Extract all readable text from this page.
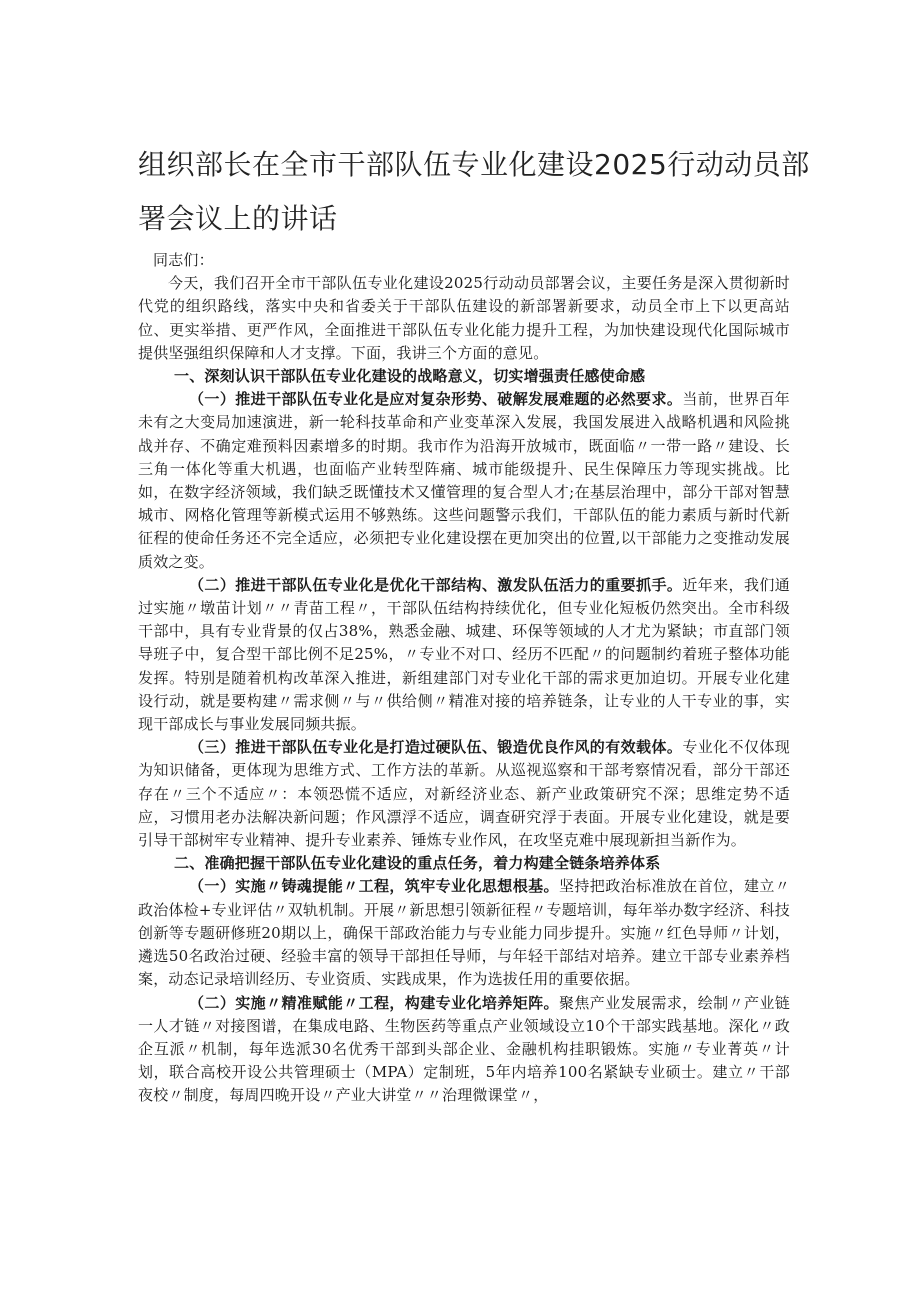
组织部长在全市干部队伍专业化建设2025行动动员部署会议上的讲话

同志们：

今天，我们召开全市干部队伍专业化建设2025行动动员部署会议，主要任务是深入贯彻新时代党的组织路线，落实中央和省委关于干部队伍建设的新部署新要求，动员全市上下以更高站位、更实举措、更严作风，全面推进干部队伍专业化能力提升工程，为加快建设现代化国际城市提供坚强组织保障和人才支撑。下面，我讲三个方面的意见。

一、深刻认识干部队伍专业化建设的战略意义，切实增强责任感使命感

（一）推进干部队伍专业化是应对复杂形势、破解发展难题的必然要求。当前，世界百年未有之大变局加速演进，新一轮科技革命和产业变革深入发展，我国发展进入战略机遇和风险挑战并存、不确定难预料因素增多的时期。我市作为沿海开放城市，既面临〃一带一路〃建设、长三角一体化等重大机遇，也面临产业转型阵痛、城市能级提升、民生保障压力等现实挑战。比如，在数字经济领域，我们缺乏既懂技术又懂管理的复合型人才;在基层治理中，部分干部对智慧城市、网格化管理等新模式运用不够熟练。这些问题警示我们，干部队伍的能力素质与新时代新征程的使命任务还不完全适应，必须把专业化建设摆在更加突出的位置,以干部能力之变推动发展质效之变。

（二）推进干部队伍专业化是优化干部结构、激发队伍活力的重要抓手。近年来，我们通过实施〃墩苗计划〃〃青苗工程〃，干部队伍结构持续优化，但专业化短板仍然突出。全市科级干部中，具有专业背景的仅占38%，熟悉金融、城建、环保等领域的人才尤为紧缺；市直部门领导班子中，复合型干部比例不足25%，〃专业不对口、经历不匹配〃的问题制约着班子整体功能发挥。特别是随着机构改革深入推进，新组建部门对专业化干部的需求更加迫切。开展专业化建设行动，就是要构建〃需求侧〃与〃供给侧〃精准对接的培养链条，让专业的人干专业的事，实现干部成长与事业发展同频共振。

（三）推进干部队伍专业化是打造过硬队伍、锻造优良作风的有效载体。专业化不仅体现为知识储备，更体现为思维方式、工作方法的革新。从巡视巡察和干部考察情况看，部分干部还存在〃三个不适应〃：本领恐慌不适应，对新经济业态、新产业政策研究不深；思维定势不适应，习惯用老办法解决新问题；作风漂浮不适应，调查研究浮于表面。开展专业化建设，就是要引导干部树牢专业精神、提升专业素养、锤炼专业作风，在攻坚克难中展现新担当新作为。

二、准确把握干部队伍专业化建设的重点任务，着力构建全链条培养体系

（一）实施〃铸魂提能〃工程，筑牢专业化思想根基。坚持把政治标准放在首位，建立〃政治体检+专业评估〃双轨机制。开展〃新思想引领新征程〃专题培训，每年举办数字经济、科技创新等专题研修班20期以上，确保干部政治能力与专业能力同步提升。实施〃红色导师〃计划，遴选50名政治过硬、经验丰富的领导干部担任导师，与年轻干部结对培养。建立干部专业素养档案，动态记录培训经历、专业资质、实践成果，作为选拔任用的重要依据。

（二）实施〃精准赋能〃工程，构建专业化培养矩阵。聚焦产业发展需求，绘制〃产业链一人才链〃对接图谱，在集成电路、生物医药等重点产业领域设立10个干部实践基地。深化〃政企互派〃机制，每年选派30名优秀干部到头部企业、金融机构挂职锻炼。实施〃专业菁英〃计划，联合高校开设公共管理硕士（MPA）定制班，5年内培养100名紧缺专业硕士。建立〃干部夜校〃制度，每周四晚开设〃产业大讲堂〃〃治理微课堂〃，
